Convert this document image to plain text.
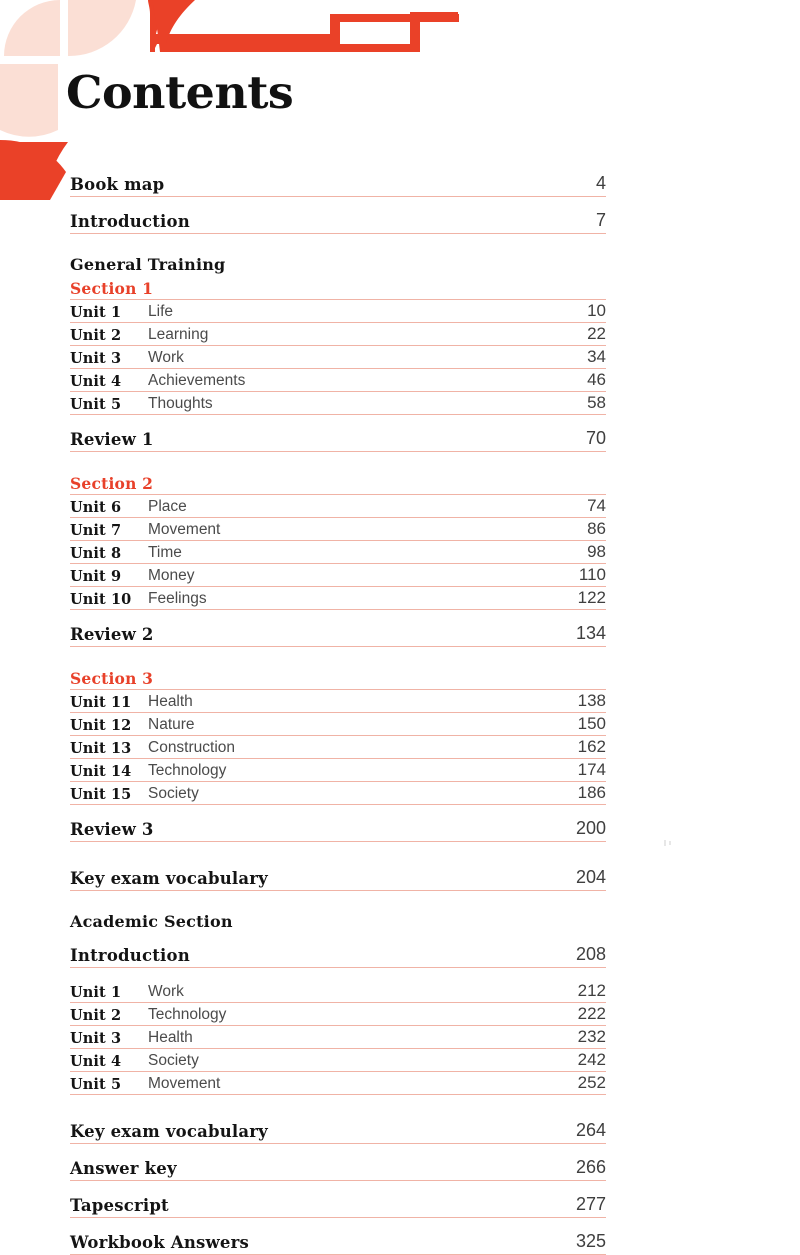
Contents
Book map	4
Introduction	7
General Training
Section 1
Unit 1	Life	10
Unit 2	Learning	22
Unit 3	Work	34
Unit 4	Achievements	46
Unit 5	Thoughts	58
Review 1	70
Section 2
Unit 6	Place	74
Unit 7	Movement	86
Unit 8	Time	98
Unit 9	Money	110
Unit 10	Feelings	122
Review 2	134
Section 3
Unit 11	Health	138
Unit 12	Nature	150
Unit 13	Construction	162
Unit 14	Technology	174
Unit 15	Society	186
Review 3	200
Key exam vocabulary	204
Academic Section
Introduction	208
Unit 1	Work	212
Unit 2	Technology	222
Unit 3	Health	232
Unit 4	Society	242
Unit 5	Movement	252
Key exam vocabulary	264
Answer key	266
Tapescript	277
Workbook Answers	325
